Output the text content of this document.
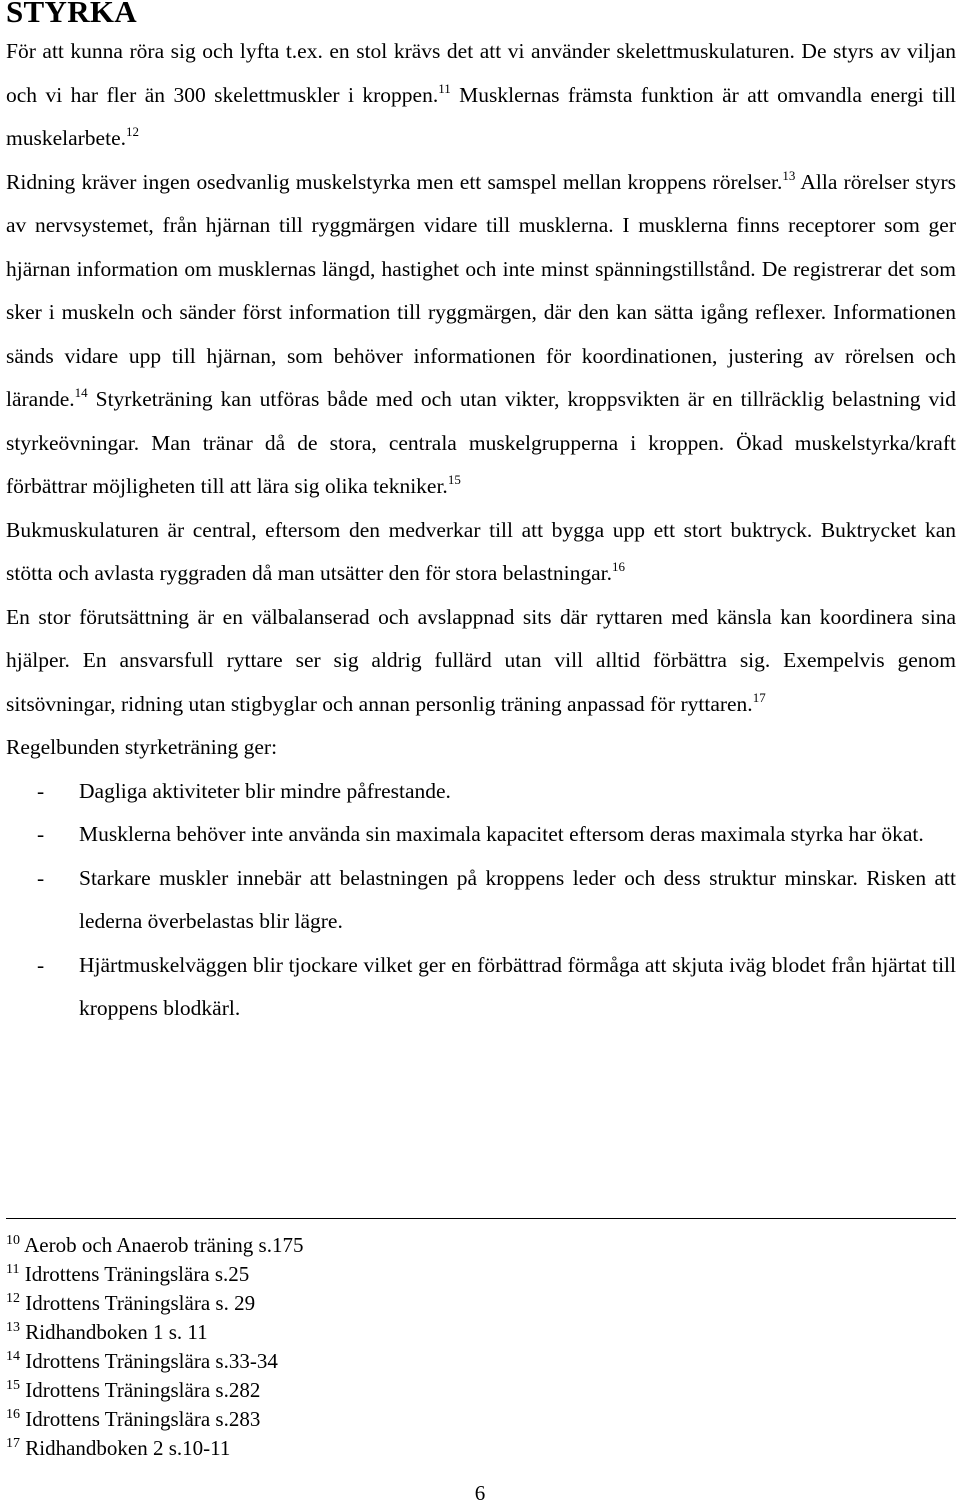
STYRKA

För att kunna röra sig och lyfta t.ex. en stol krävs det att vi använder skelettmuskulaturen. De styrs av viljan och vi har fler än 300 skelettmuskler i kroppen.$^{11}$ Musklernas främsta funktion är att omvandla energi till muskelarbete.$^{12}$

Ridning kräver ingen osedvanlig muskelstyrka men ett samspel mellan kroppens rörelser.$^{13}$ Alla rörelser styrs av nervsystemet, från hjärnan till ryggmärgen vidare till musklerna. I musklerna finns receptorer som ger hjärnan information om musklernas längd, hastighet och inte minst spänningstillstånd. De registrerar det som sker i muskeln och sänder först information till ryggmärgen, där den kan sätta igång reflexer. Informationen sänds vidare upp till hjärnan, som behöver informationen för koordinationen, justering av rörelsen och lärande.$^{14}$ Styrketräning kan utföras både med och utan vikter, kroppsvikten är en tillräcklig belastning vid styrkeövningar. Man tränar då de stora, centrala muskelgrupperna i kroppen. Ökad muskelstyrka/kraft förbättrar möjligheten till att lära sig olika tekniker.$^{15}$

Bukmuskulaturen är central, eftersom den medverkar till att bygga upp ett stort buktryck. Buktrycket kan stötta och avlasta ryggraden då man utsätter den för stora belastningar.$^{16}$

En stor förutsättning är en välbalanserad och avslappnad sits där ryttaren med känsla kan koordinera sina hjälper. En ansvarsfull ryttare ser sig aldrig fullärd utan vill alltid förbättra sig. Exempelvis genom sitsövningar, ridning utan stigbyglar och annan personlig träning anpassad för ryttaren.$^{17}$

Regelbunden styrketräning ger:

- Dagliga aktiviteter blir mindre påfrestande.
- Musklerna behöver inte använda sin maximala kapacitet eftersom deras maximala styrka har ökat.
- Starkare muskler innebär att belastningen på kroppens leder och dess struktur minskar. Risken att lederna överbelastas blir lägre.
- Hjärtmuskelväggen blir tjockare vilket ger en förbättrad förmåga att skjuta iväg blodet från hjärtat till kroppens blodkärl.
$^{10}$ Aerob och Anaerob träning s.175
$^{11}$ Idrottens Träningslära s.25
$^{12}$ Idrottens Träningslära s. 29
$^{13}$ Ridhandboken 1 s. 11
$^{14}$ Idrottens Träningslära s.33-34
$^{15}$ Idrottens Träningslära s.282
$^{16}$ Idrottens Träningslära s.283
$^{17}$ Ridhandboken 2 s.10-11
6
